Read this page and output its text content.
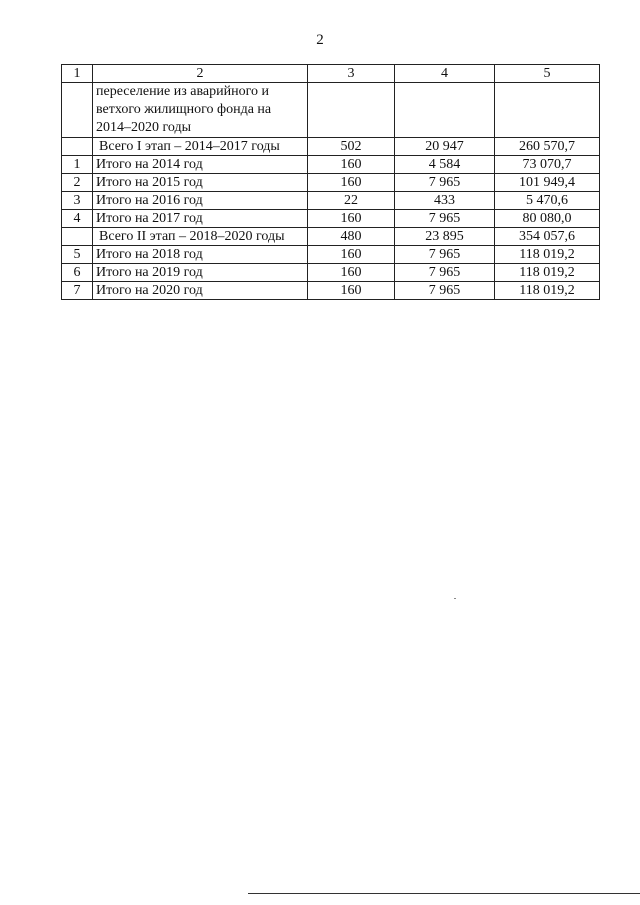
2
1	2	3	4	5
	переселение из аварийного и
ветхого жилищного фонда на
2014–2020 годы			
	Всего I этап – 2014–2017 годы	502	20 947	260 570,7
1	Итого на 2014 год	160	4 584	73 070,7
2	Итого на 2015 год	160	7 965	101 949,4
3	Итого на 2016 год	22	433	5 470,6
4	Итого на 2017 год	160	7 965	80 080,0
	Всего II этап – 2018–2020 годы	480	23 895	354 057,6
5	Итого на 2018 год	160	7 965	118 019,2
6	Итого на 2019 год	160	7 965	118 019,2
7	Итого на 2020 год	160	7 965	118 019,2
